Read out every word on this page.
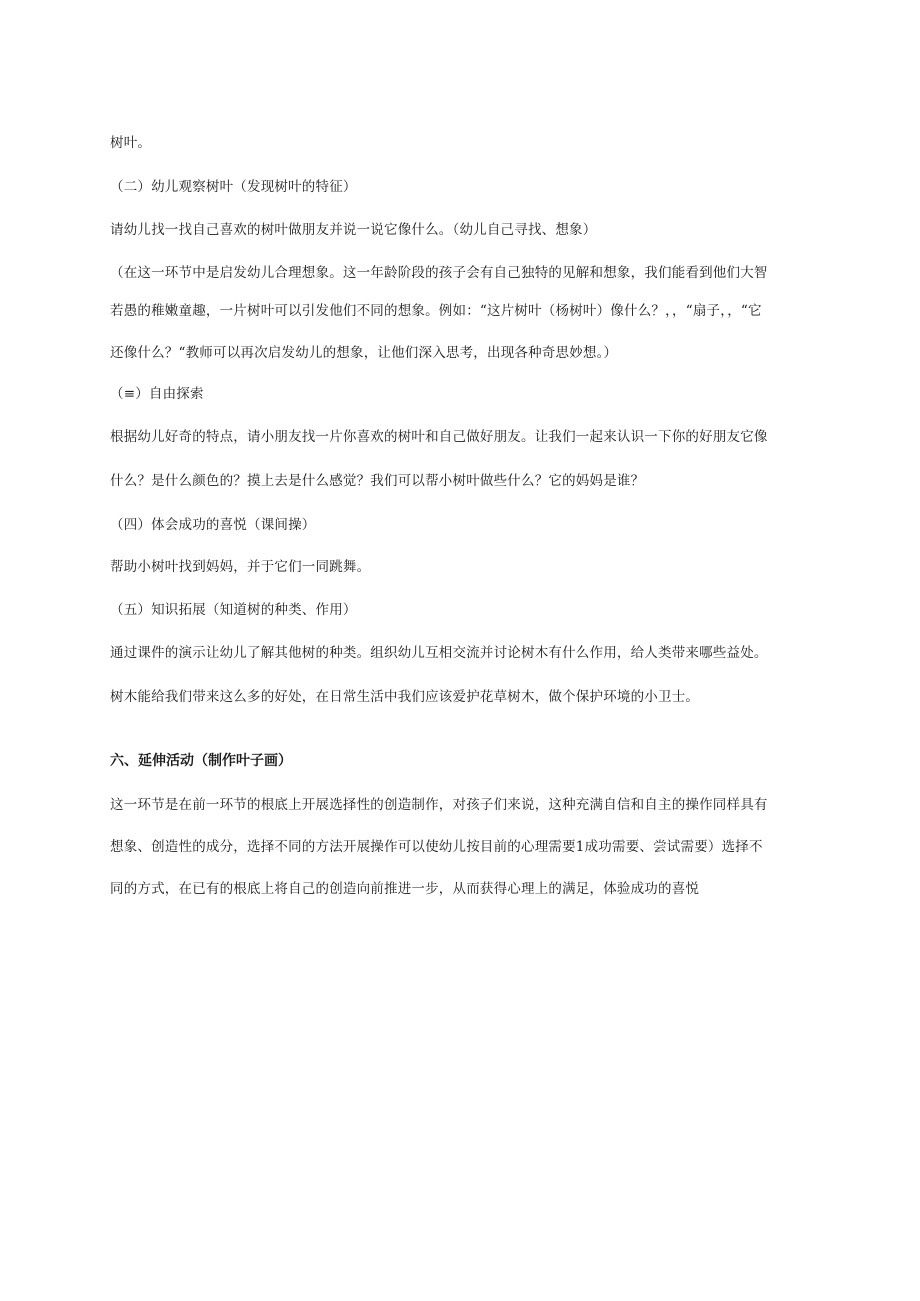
树叶。
（二）幼儿观察树叶（发现树叶的特征）
请幼儿找一找自己喜欢的树叶做朋友并说一说它像什么。（幼儿自己寻找、想象）
（在这一环节中是启发幼儿合理想象。这一年龄阶段的孩子会有自己独特的见解和想象，我们能看到他们大智
若愚的稚嫩童趣，一片树叶可以引发他们不同的想象。例如：“这片树叶（杨树叶）像什么？，，“扇子，，“它
还像什么？“教师可以再次启发幼儿的想象，让他们深入思考，出现各种奇思妙想。）
（≡）自由探索
根据幼儿好奇的特点，请小朋友找一片你喜欢的树叶和自己做好朋友。让我们一起来认识一下你的好朋友它像
什么？是什么颜色的？摸上去是什么感觉？我们可以帮小树叶做些什么？它的妈妈是谁？
（四）体会成功的喜悦（课间操）
帮助小树叶找到妈妈，并于它们一同跳舞。
（五）知识拓展（知道树的种类、作用）
通过课件的演示让幼儿了解其他树的种类。组织幼儿互相交流并讨论树木有什么作用，给人类带来哪些益处。
树木能给我们带来这么多的好处，在日常生活中我们应该爱护花草树木，做个保护环境的小卫士。
六、延伸活动（制作叶子画）
这一环节是在前一环节的根底上开展选择性的创造制作，对孩子们来说，这种充满自信和自主的操作同样具有
想象、创造性的成分，选择不同的方法开展操作可以使幼儿按目前的心理需要1成功需要、尝试需要）选择不
同的方式，在已有的根底上将自己的创造向前推进一步，从而获得心理上的满足，体验成功的喜悦
